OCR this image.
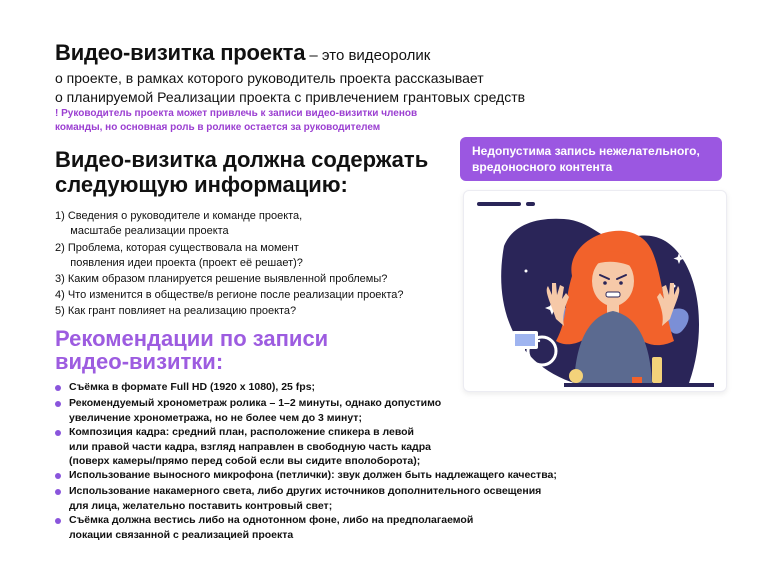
Видео-визитка проекта – это видеоролик
о проекте, в рамках которого руководитель проекта рассказывает
о планируемой Реализации проекта с привлечением грантовых средств
! Руководитель проекта может привлечь к записи видео-визитки членов
команды, но основная роль в ролике остается за руководителем
Видео-визитка должна содержать
следующую информацию:
1) Сведения о руководителе и команде проекта,
масштабе реализации проекта
2) Проблема, которая существовала на момент
появления идеи проекта (проект её решает)?
3) Каким образом планируется решение выявленной проблемы?
4) Что изменится в обществе/в регионе после реализации проекта?
5) Как грант повлияет на реализацию проекта?
Рекомендации по записи
видео-визитки:
Съёмка в формате Full HD (1920 x 1080), 25 fps;
Рекомендуемый хронометраж ролика – 1–2 минуты, однако допустимо
увеличение хронометража, но не более чем до 3 минут;
Композиция кадра: средний план, расположение спикера в левой
или правой части кадра, взгляд направлен в свободную часть кадра
(поверх камеры/прямо перед собой если вы сидите вполоборота);
Использование выносного микрофона (петлички): звук должен быть надлежащего качества;
Использование накамерного света, либо других источников дополнительного освещения
для лица, желательно поставить контровый свет;
Съёмка должна вестись либо на однотонном фоне, либо на предполагаемой
локации связанной с реализацией проекта
Недопустима запись нежелательного,
вредоносного контента
